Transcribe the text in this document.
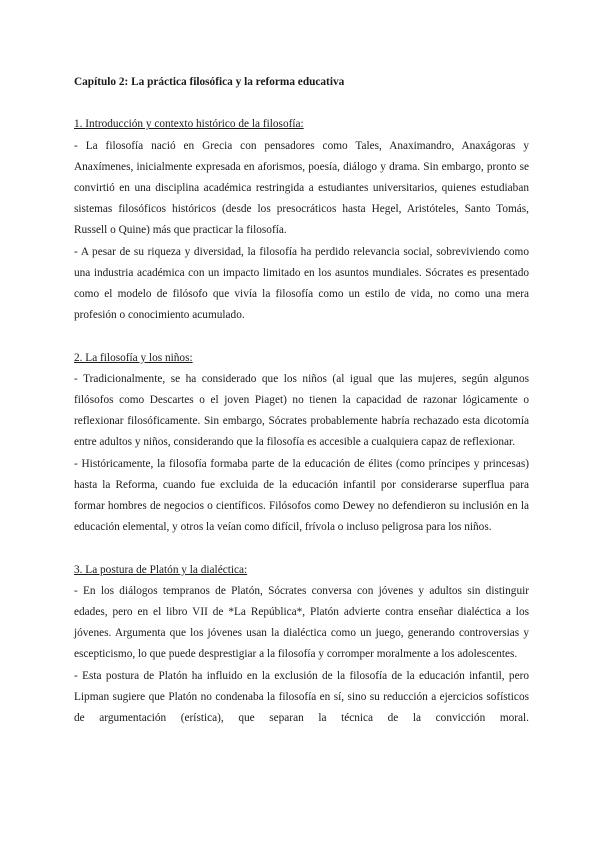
Capítulo 2: La práctica filosófica y la reforma educativa

1. Introducción y contexto histórico de la filosofía:

- La filosofía nació en Grecia con pensadores como Tales, Anaximandro, Anaxágoras y Anaxímenes, inicialmente expresada en aforismos, poesía, diálogo y drama. Sin embargo, pronto se convirtió en una disciplina académica restringida a estudiantes universitarios, quienes estudiaban sistemas filosóficos históricos (desde los presocráticos hasta Hegel, Aristóteles, Santo Tomás, Russell o Quine) más que practicar la filosofía.

- A pesar de su riqueza y diversidad, la filosofía ha perdido relevancia social, sobreviviendo como una industria académica con un impacto limitado en los asuntos mundiales. Sócrates es presentado como el modelo de filósofo que vivía la filosofía como un estilo de vida, no como una mera profesión o conocimiento acumulado.

2. La filosofía y los niños:

- Tradicionalmente, se ha considerado que los niños (al igual que las mujeres, según algunos filósofos como Descartes o el joven Piaget) no tienen la capacidad de razonar lógicamente o reflexionar filosóficamente. Sin embargo, Sócrates probablemente habría rechazado esta dicotomía entre adultos y niños, considerando que la filosofía es accesible a cualquiera capaz de reflexionar.

- Históricamente, la filosofía formaba parte de la educación de élites (como príncipes y princesas) hasta la Reforma, cuando fue excluida de la educación infantil por considerarse superflua para formar hombres de negocios o científicos. Filósofos como Dewey no defendieron su inclusión en la educación elemental, y otros la veían como difícil, frívola o incluso peligrosa para los niños.

3. La postura de Platón y la dialéctica:

- En los diálogos tempranos de Platón, Sócrates conversa con jóvenes y adultos sin distinguir edades, pero en el libro VII de *La República*, Platón advierte contra enseñar dialéctica a los jóvenes. Argumenta que los jóvenes usan la dialéctica como un juego, generando controversias y escepticismo, lo que puede desprestigiar a la filosofía y corromper moralmente a los adolescentes.

- Esta postura de Platón ha influido en la exclusión de la filosofía de la educación infantil, pero Lipman sugiere que Platón no condenaba la filosofía en sí, sino su reducción a ejercicios sofísticos de argumentación (erística), que separan la técnica de la convicción moral.
